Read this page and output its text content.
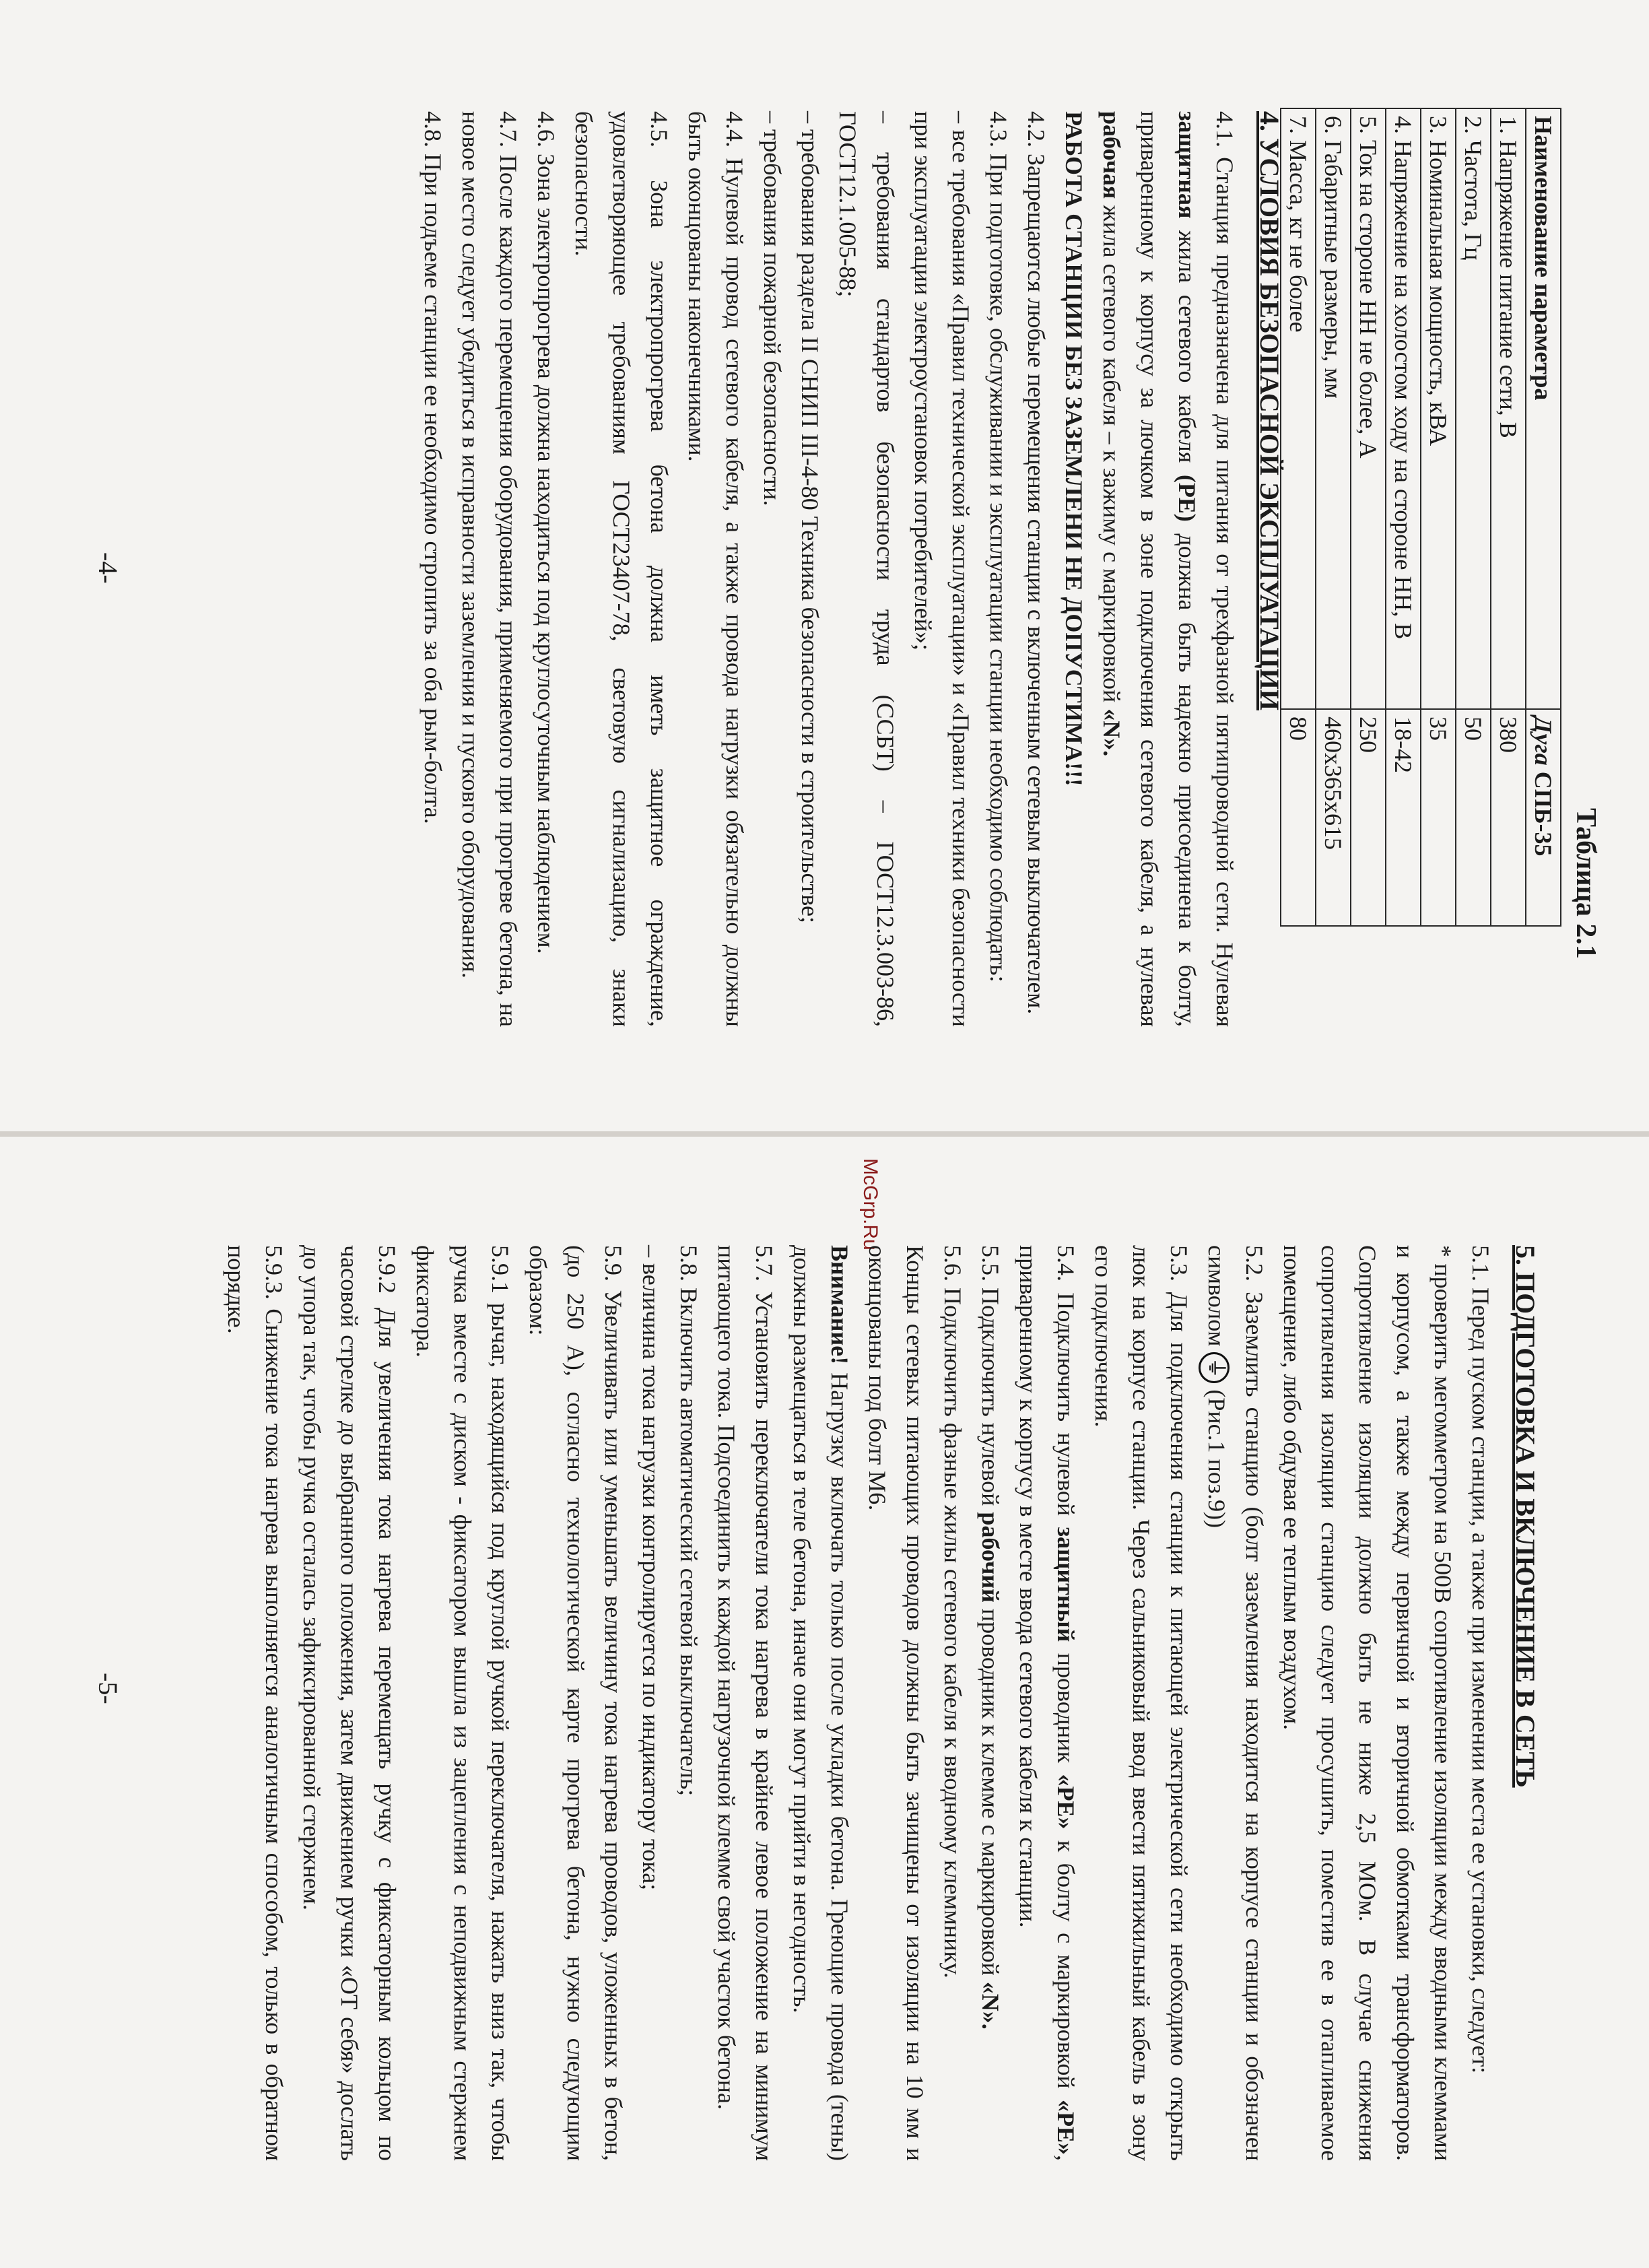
Таблица 2.1
Наименование параметра	Дуга СПБ-35
1. Напряжение питание сети, В	380
2. Частота, Гц	50
3. Номинальная мощность, кВА	35
4. Напряжение на холостом ходу на стороне НН, В	18-42
5. Ток на стороне НН не более, А	250
6. Габаритные размеры, мм	460x365x615
7. Масса, кг не более	80

4. УСЛОВИЯ БЕЗОПАСНОЙ ЭКСПЛУАТАЦИИ

4.1. Станция предназначена для питания от трехфазной пятипроводной сети. Нулевая защитная жила сетевого кабеля (PE) должна быть надежно присоединена к болту, приваренному к корпусу за лючком в зоне подключения сетевого кабеля, а нулевая рабочая жила сетевого кабеля – к зажиму с маркировкой «N».

РАБОТА СТАНЦИИ БЕЗ ЗАЗЕМЛЕНИ НЕ ДОПУСТИМА!!!

4.2. Запрещаются любые перемещения станции с включенным сетевым выключателем.

4.3. При подготовке, обслуживании и эксплуатации станции необходимо соблюдать:

– все требования «Правил технической эксплуатации» и «Правил техники безопасности при эксплуатации электроустановок потребителей»;

– требования стандартов безопасности труда (ССБТ) – ГОСТ12.3.003-86, ГОСТ12.1.005-88;

– требования раздела II СНИП III-4-80 Техника безопасности в строительстве;

– требования пожарной безопасности.

4.4. Нулевой провод сетевого кабеля, а также провода нагрузки обязательно должны быть оконцованы наконечниками.

4.5. Зона электропрогрева бетона должна иметь защитное ограждение, удовлетворяющее требованиям ГОСТ23407-78, световую сигнализацию, знаки безопасности.

4.6. Зона электропрогрева должна находиться под круглосуточным наблюдением.

4.7. После каждого перемещения оборудования, применяемого при прогреве бетона, на новое место следует убедиться в исправности заземления и пусковго оборудования.

4.8. При подъеме станции ее необходимо стропить за оба рым-болта.

-4-
McGrp.Ru

5. ПОДГОТОВКА И ВКЛЮЧЕНИЕ В СЕТЬ

5.1. Перед пуском станции, а также при изменении места ее установки, следует:

* проверить мегомметром на 500В сопротивление изоляции между вводными клеммами и корпусом, а также между первичной и вторичной обмотками трансформаторов. Сопротивление изоляции должно быть не ниже 2,5 МОм. В случае снижения сопротивления изоляции станцию следует просушить, поместив ее в отапливаемое помещение, либо обдувая ее теплым воздухом.

5.2. Заземлить станцию (болт заземления находится на корпусе станции и обозначен символом ⏚ (Рис.1 поз.9))

5.3. Для подключения станции к питающей электрической сети необходимо открыть люк на корпусе станции. Через сальниковый ввод ввести пятижильный кабель в зону его подключения.

5.4. Подключить нулевой защитный проводник «PE» к болту с маркировкой «PE», приваренному к корпусу в месте ввода сетевого кабеля к станции.

5.5. Подключить нулевой рабочий проводник к клемме с маркировкой «N».

5.6. Подключить фазные жилы сетевого кабеля к вводному клеммнику.

Концы сетевых питающих проводов должны быть зачищены от изоляции на 10 мм и оконцованы под болт М6.

Внимание! Нагрузку включать только после укладки бетона. Греющие провода (тены) должны размещаться в теле бетона, иначе они могут прийти в негодность.

5.7. Установить переключатели тока нагрева в крайнее левое положение на минимум питающего тока. Подсоединить к каждой нагрузочной клемме свой участок бетона.

5.8. Включить автоматический сетевой выключатель;

– величина тока нагрузки контролируется по индикатору тока;

5.9. Увеличивать или уменьшать величину тока нагрева проводов, уложенных в бетон, (до 250 А), согласно технологической карте прогрева бетона, нужно следующим образом:

5.9.1 рычаг, находящийся под круглой ручкой переключателя, нажать вниз так, чтобы ручка вместе с диском - фиксатором вышла из зацепления с неподвижным стержнем фиксатора.

5.9.2 Для увеличения тока нагрева перемещать ручку с фиксаторным кольцом по часовой стрелке до выбранного положения, затем движением ручки «ОТ себя» дослать до упора так, чтобы ручка осталась зафиксированной стержнем.

5.9.3. Снижение тока нагрева выполняется аналогичным способом, только в обратном порядке.

-5-
